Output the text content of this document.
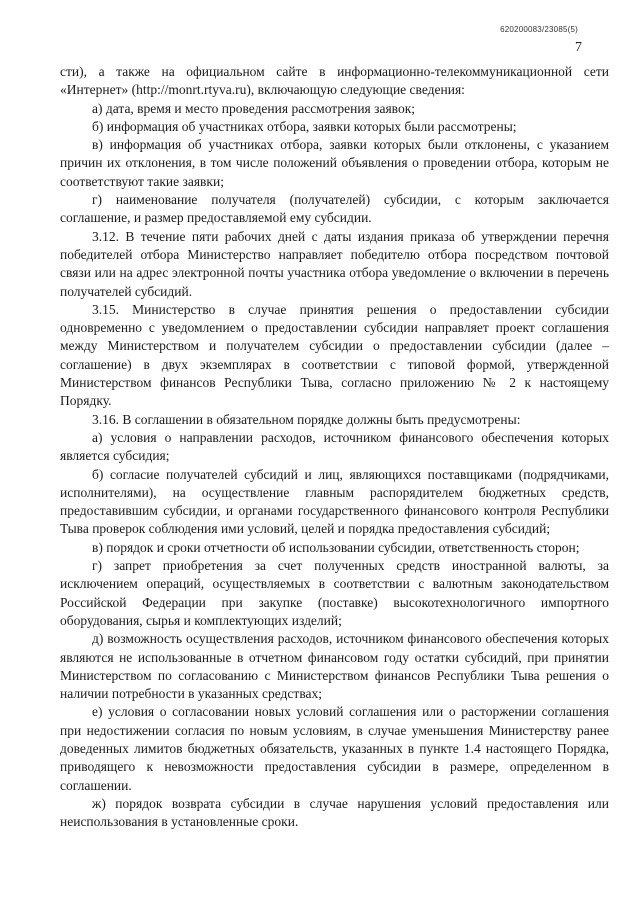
620200083/23085(5)
7

сти), а также на официальном сайте в информационно-телекоммуникационной сети «Интернет» (http://monrt.rtyva.ru), включающую следующие сведения:

а) дата, время и место проведения рассмотрения заявок;

б) информация об участниках отбора, заявки которых были рассмотрены;

в) информация об участниках отбора, заявки которых были отклонены, с указанием причин их отклонения, в том числе положений объявления о проведении отбора, которым не соответствуют такие заявки;

г) наименование получателя (получателей) субсидии, с которым заключается соглашение, и размер предоставляемой ему субсидии.

3.12. В течение пяти рабочих дней с даты издания приказа об утверждении перечня победителей отбора Министерство направляет победителю отбора посредством почтовой связи или на адрес электронной почты участника отбора уведомление о включении в перечень получателей субсидий.

3.15. Министерство в случае принятия решения о предоставлении субсидии одновременно с уведомлением о предоставлении субсидии направляет проект соглашения между Министерством и получателем субсидии о предоставлении субсидии (далее – соглашение) в двух экземплярах в соответствии с типовой формой, утвержденной Министерством финансов Республики Тыва, согласно приложению № 2 к настоящему Порядку.

3.16. В соглашении в обязательном порядке должны быть предусмотрены:

а) условия о направлении расходов, источником финансового обеспечения которых является субсидия;

б) согласие получателей субсидий и лиц, являющихся поставщиками (подрядчиками, исполнителями), на осуществление главным распорядителем бюджетных средств, предоставившим субсидии, и органами государственного финансового контроля Республики Тыва проверок соблюдения ими условий, целей и порядка предоставления субсидий;

в) порядок и сроки отчетности об использовании субсидии, ответственность сторон;

г) запрет приобретения за счет полученных средств иностранной валюты, за исключением операций, осуществляемых в соответствии с валютным законодательством Российской Федерации при закупке (поставке) высокотехнологичного импортного оборудования, сырья и комплектующих изделий;

д) возможность осуществления расходов, источником финансового обеспечения которых являются не использованные в отчетном финансовом году остатки субсидий, при принятии Министерством по согласованию с Министерством финансов Республики Тыва решения о наличии потребности в указанных средствах;

е) условия о согласовании новых условий соглашения или о расторжении соглашения при недостижении согласия по новым условиям, в случае уменьшения Министерству ранее доведенных лимитов бюджетных обязательств, указанных в пункте 1.4 настоящего Порядка, приводящего к невозможности предоставления субсидии в размере, определенном в соглашении.

ж) порядок возврата субсидии в случае нарушения условий предоставления или неиспользования в установленные сроки.
